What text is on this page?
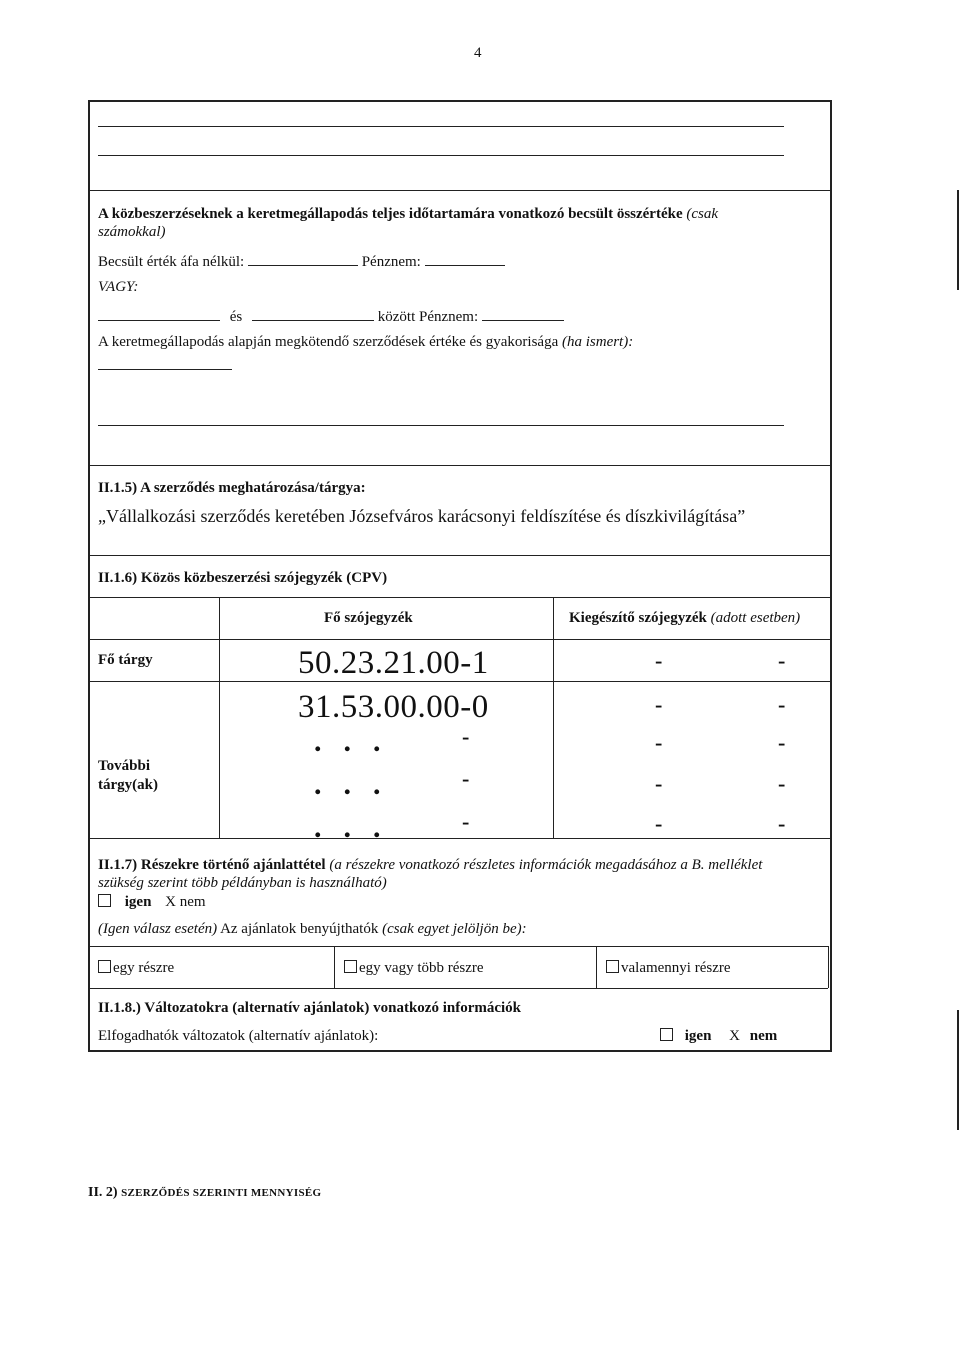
4
A közbeszerzéseknek a keretmegállapodás teljes időtartamára vonatkozó becsült összértéke (csak
számokkal)
Becsült érték áfa nélkül:	Pénznem:
VAGY:
és	között Pénznem:
A keretmegállapodás alapján megkötendő szerződések értéke és gyakorisága (ha ismert):
II.1.5) A szerződés meghatározása/tárgya:
„Vállalkozási szerződés keretében Józsefváros karácsonyi feldíszítése és díszkivilágítása”
II.1.6) Közös közbeszerzési szójegyzék (CPV)
Fő szójegyzék	Kiegészítő szójegyzék (adott esetben)
Fő tárgy	50.23.21.00-1	-	-
31.53.00.00-0	-	-
További
tárgy(ak)
...	-	-	-
...	-	-	-
...	-	-	-
II.1.7) Részekre történő ajánlattétel (a részekre vonatkozó részletes információk megadásához a B. melléklet
szükség szerint több példányban is használható)
igen X nem
(Igen válasz esetén) Az ajánlatok benyújthatók (csak egyet jelöljön be):
egy részre	egy vagy több részre	valamennyi részre
II.1.8.) Változatokra (alternatív ajánlatok) vonatkozó információk
Elfogadhatók változatok (alternatív ajánlatok):	igen X nem
II. 2) SZERZŐDÉS SZERINTI MENNYISÉG
